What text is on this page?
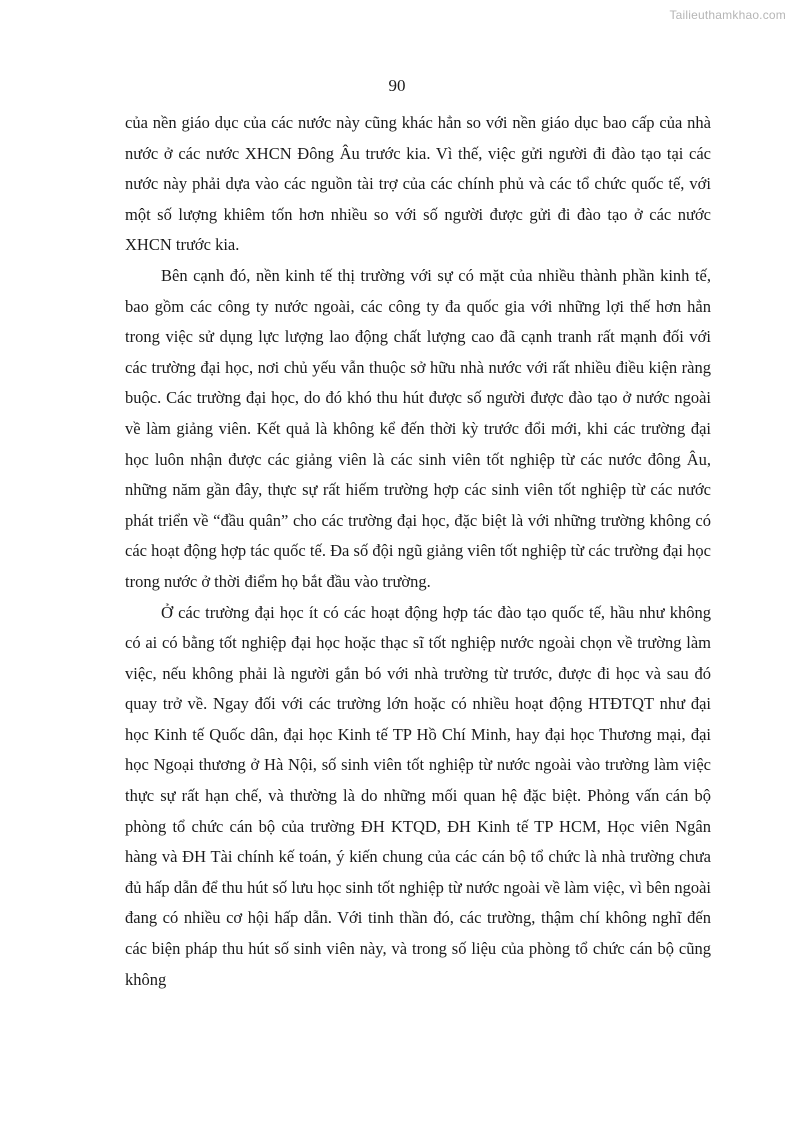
Tailieuthamkhao.com
90

của nền giáo dục của các nước này cũng khác hẳn so với nền giáo dục bao cấp của nhà nước ở các nước XHCN Đông Âu trước kia. Vì thế, việc gửi người đi đào tạo tại các nước này phải dựa vào các nguồn tài trợ của các chính phủ và các tổ chức quốc tế, với một số lượng khiêm tốn hơn nhiều so với số người được gửi đi đào tạo ở các nước XHCN trước kia.

Bên cạnh đó, nền kinh tế thị trường với sự có mặt của nhiều thành phần kinh tế, bao gồm các công ty nước ngoài, các công ty đa quốc gia với những lợi thế hơn hẳn trong việc sử dụng lực lượng lao động chất lượng cao đã cạnh tranh rất mạnh đối với các trường đại học, nơi chủ yếu vẫn thuộc sở hữu nhà nước với rất nhiều điều kiện ràng buộc. Các trường đại học, do đó khó thu hút được số người được đào tạo ở nước ngoài về làm giảng viên. Kết quả là không kể đến thời kỳ trước đổi mới, khi các trường đại học luôn nhận được các giảng viên là các sinh viên tốt nghiệp từ các nước đông Âu, những năm gần đây, thực sự rất hiếm trường hợp các sinh viên tốt nghiệp từ các nước phát triển về “đầu quân” cho các trường đại học, đặc biệt là với những trường không có các hoạt động hợp tác quốc tế. Đa số đội ngũ giảng viên tốt nghiệp từ các trường đại học trong nước ở thời điểm họ bắt đầu vào trường.

Ở các trường đại học ít có các hoạt động hợp tác đào tạo quốc tế, hầu như không có ai có bằng tốt nghiệp đại học hoặc thạc sĩ tốt nghiệp nước ngoài chọn về trường làm việc, nếu không phải là người gắn bó với nhà trường từ trước, được đi học và sau đó quay trở về. Ngay đối với các trường lớn hoặc có nhiều hoạt động HTĐTQT như đại học Kinh tế Quốc dân, đại học Kinh tế TP Hồ Chí Minh, hay đại học Thương mại, đại học Ngoại thương ở Hà Nội, số sinh viên tốt nghiệp từ nước ngoài vào trường làm việc thực sự rất hạn chế, và thường là do những mối quan hệ đặc biệt. Phỏng vấn cán bộ phòng tổ chức cán bộ của trường ĐH KTQD, ĐH Kinh tế TP HCM, Học viên Ngân hàng và ĐH Tài chính kế toán, ý kiến chung của các cán bộ tổ chức là nhà trường chưa đủ hấp dẫn để thu hút số lưu học sinh tốt nghiệp từ nước ngoài về làm việc, vì bên ngoài đang có nhiều cơ hội hấp dẫn. Với tinh thần đó, các trường, thậm chí không nghĩ đến các biện pháp thu hút số sinh viên này, và trong số liệu của phòng tổ chức cán bộ cũng không
